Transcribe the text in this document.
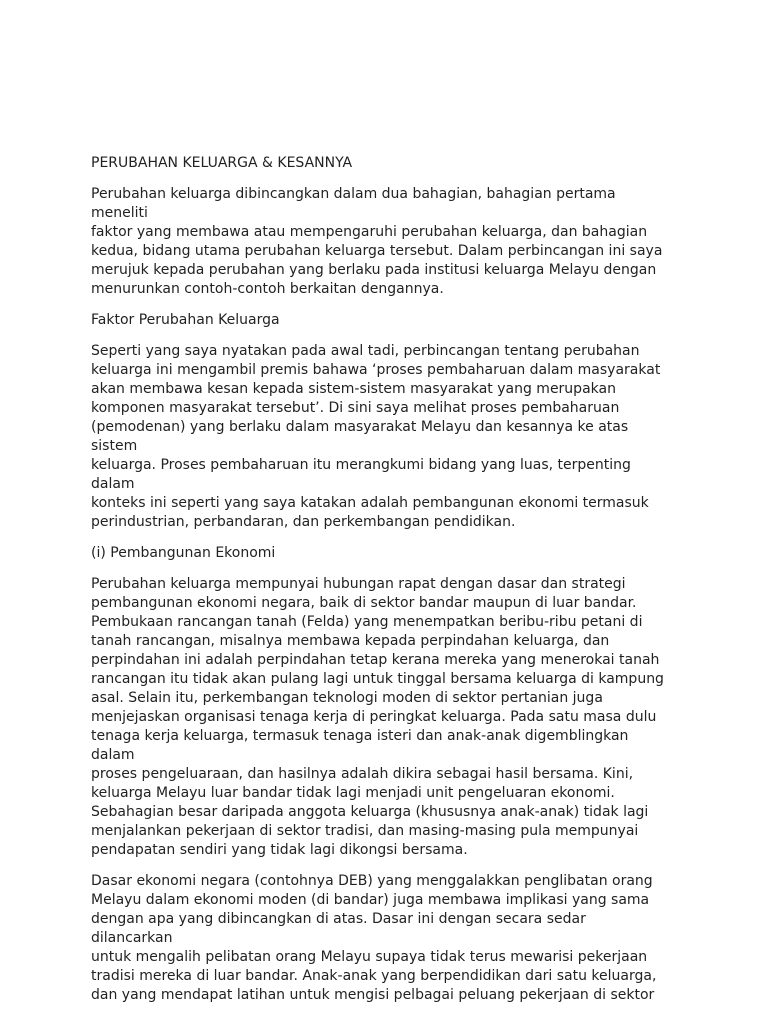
PERUBAHAN KELUARGA & KESANNYA

Perubahan keluarga dibincangkan dalam dua bahagian, bahagian pertama meneliti
faktor yang membawa atau mempengaruhi perubahan keluarga, dan bahagian
kedua, bidang utama perubahan keluarga tersebut. Dalam perbincangan ini saya
merujuk kepada perubahan yang berlaku pada institusi keluarga Melayu dengan
menurunkan contoh-contoh berkaitan dengannya.

Faktor Perubahan Keluarga

Seperti yang saya nyatakan pada awal tadi, perbincangan tentang perubahan
keluarga ini mengambil premis bahawa ‘proses pembaharuan dalam masyarakat
akan membawa kesan kepada sistem-sistem masyarakat yang merupakan
komponen masyarakat tersebut’. Di sini saya melihat proses pembaharuan
(pemodenan) yang berlaku dalam masyarakat Melayu dan kesannya ke atas sistem
keluarga. Proses pembaharuan itu merangkumi bidang yang luas, terpenting dalam
konteks ini seperti yang saya katakan adalah pembangunan ekonomi termasuk
perindustrian, perbandaran, dan perkembangan pendidikan.

(i) Pembangunan Ekonomi

Perubahan keluarga mempunyai hubungan rapat dengan dasar dan strategi
pembangunan ekonomi negara, baik di sektor bandar maupun di luar bandar.
Pembukaan rancangan tanah (Felda) yang menempatkan beribu-ribu petani di
tanah rancangan, misalnya membawa kepada perpindahan keluarga, dan
perpindahan ini adalah perpindahan tetap kerana mereka yang menerokai tanah
rancangan itu tidak akan pulang lagi untuk tinggal bersama keluarga di kampung
asal. Selain itu, perkembangan teknologi moden di sektor pertanian juga
menjejaskan organisasi tenaga kerja di peringkat keluarga. Pada satu masa dulu
tenaga kerja keluarga, termasuk tenaga isteri dan anak-anak digemblingkan dalam
proses pengeluaraan, dan hasilnya adalah dikira sebagai hasil bersama. Kini,
keluarga Melayu luar bandar tidak lagi menjadi unit pengeluaran ekonomi.
Sebahagian besar daripada anggota keluarga (khususnya anak-anak) tidak lagi
menjalankan pekerjaan di sektor tradisi, dan masing-masing pula mempunyai
pendapatan sendiri yang tidak lagi dikongsi bersama.

Dasar ekonomi negara (contohnya DEB) yang menggalakkan penglibatan orang
Melayu dalam ekonomi moden (di bandar) juga membawa implikasi yang sama
dengan apa yang dibincangkan di atas. Dasar ini dengan secara sedar dilancarkan
untuk mengalih pelibatan orang Melayu supaya tidak terus mewarisi pekerjaan
tradisi mereka di luar bandar. Anak-anak yang berpendidikan dari satu keluarga,
dan yang mendapat latihan untuk mengisi pelbagai peluang pekerjaan di sektor
